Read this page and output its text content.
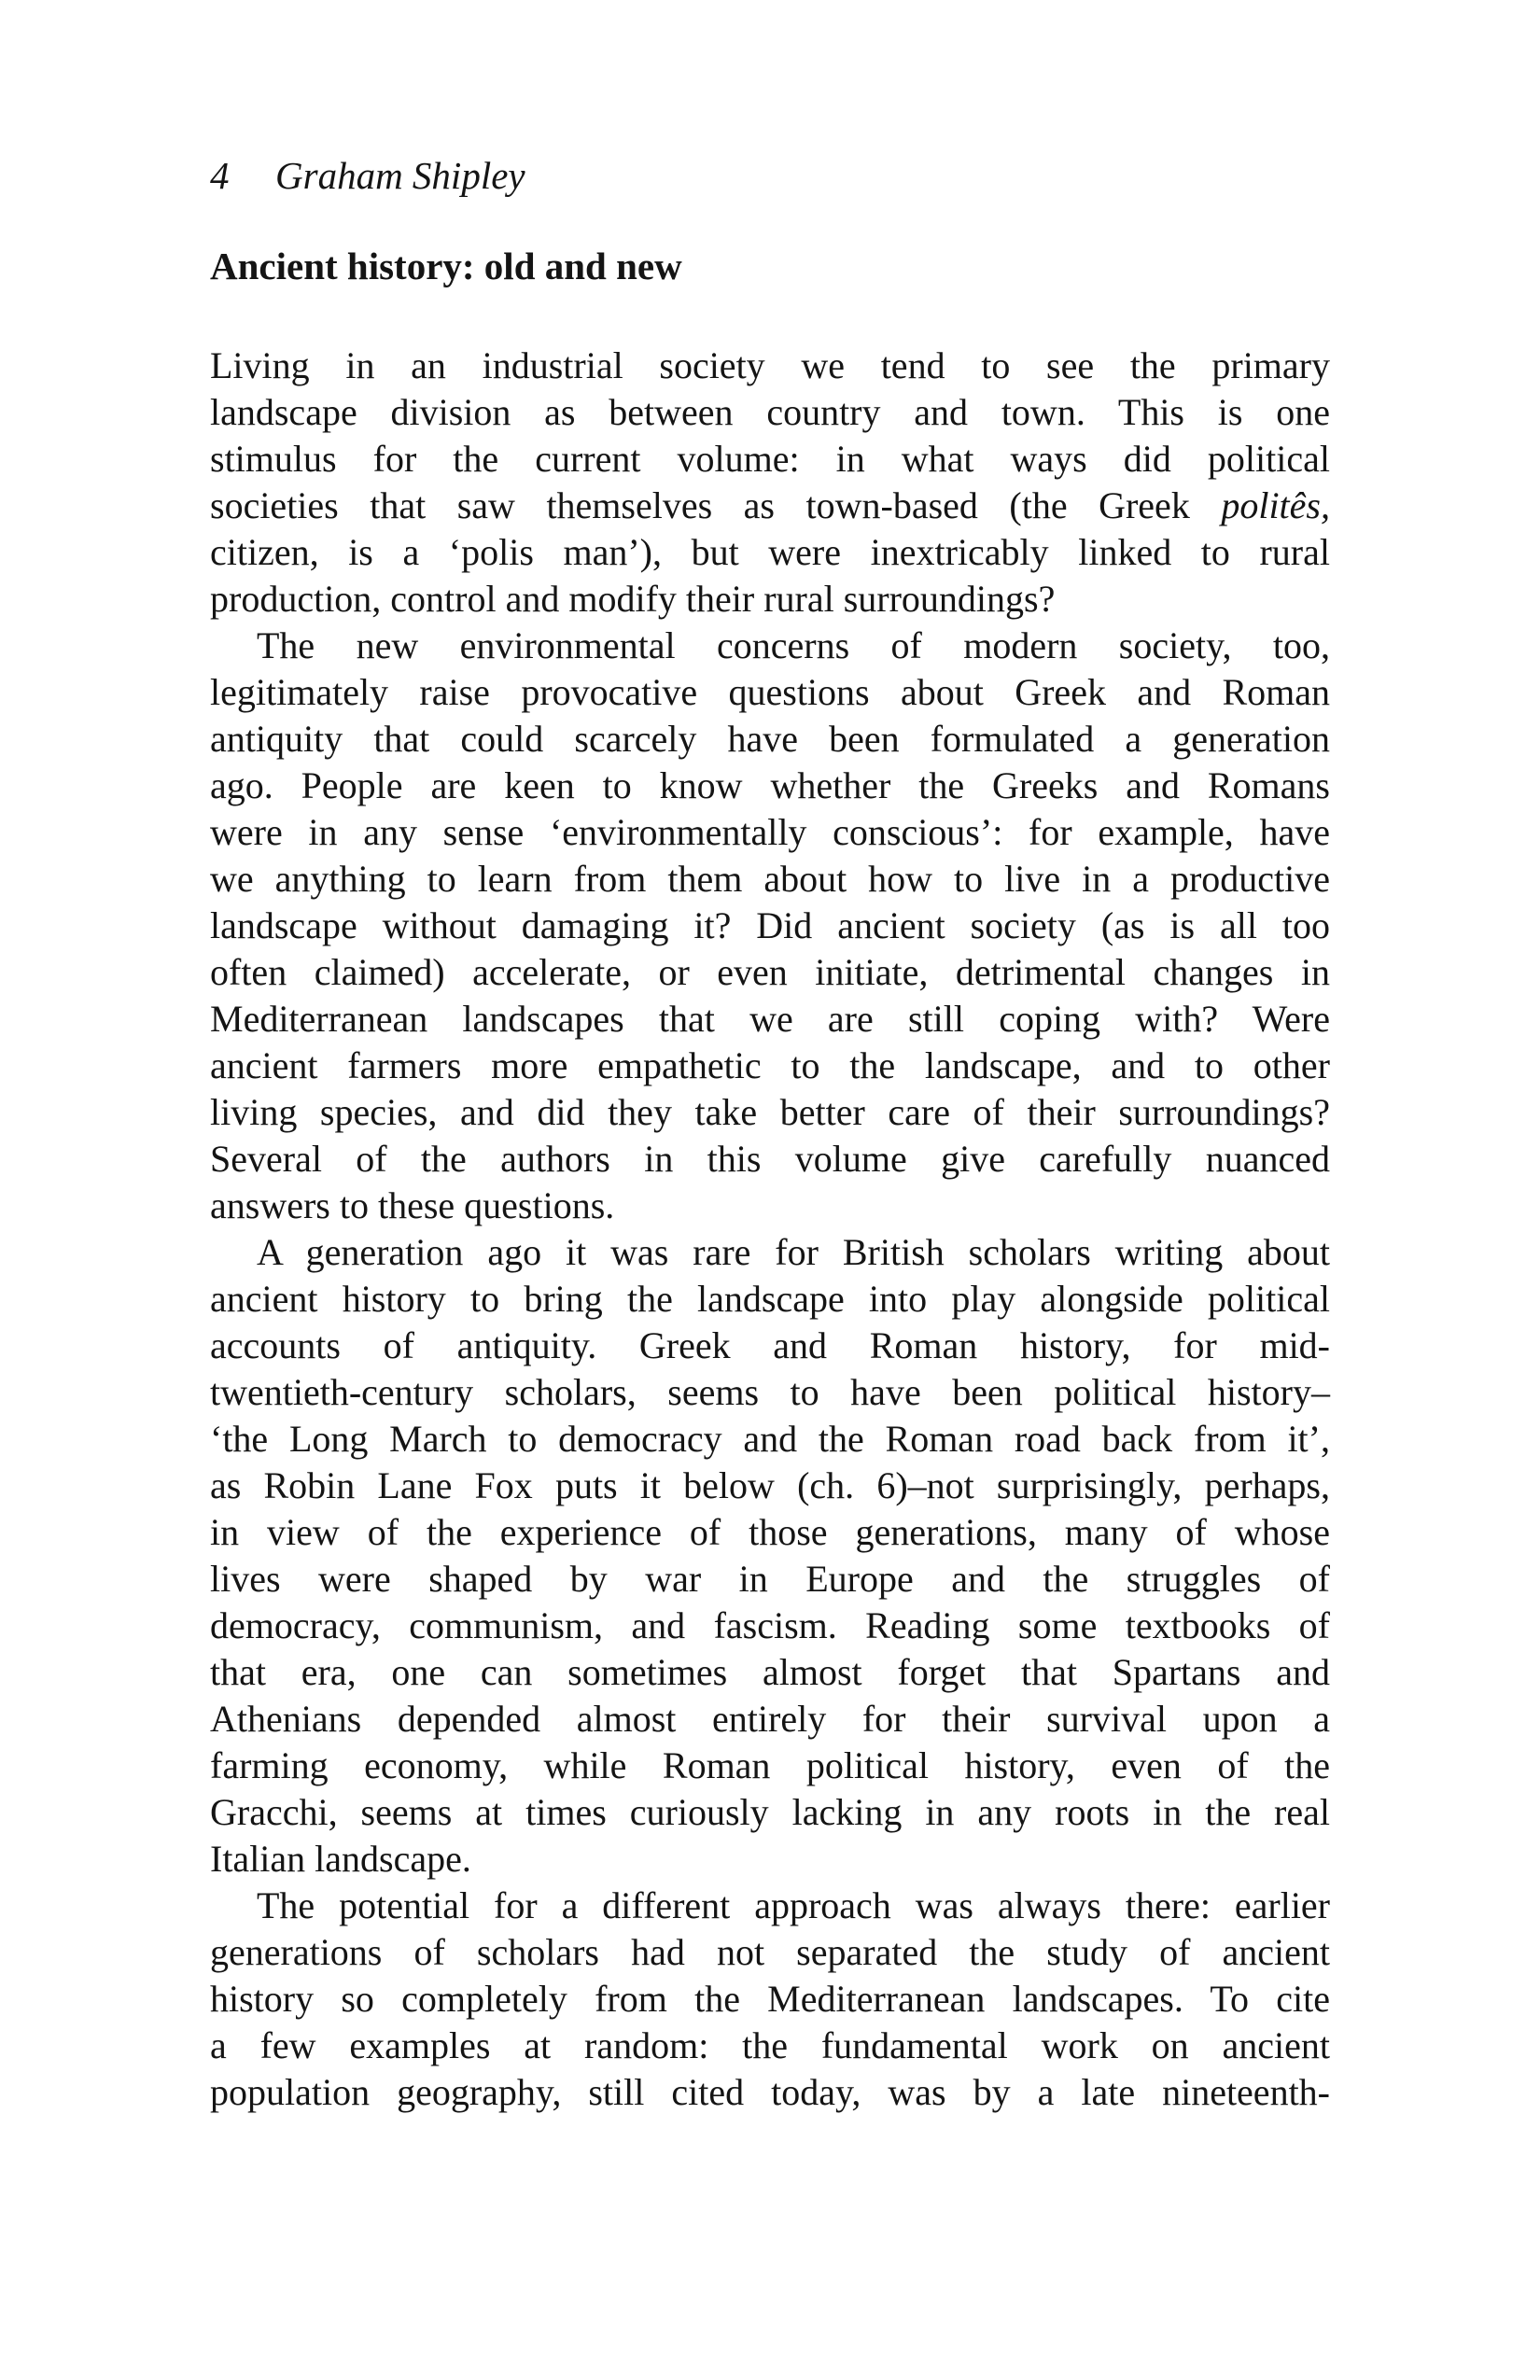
4 Graham Shipley
Ancient history: old and new
Living in an industrial society we tend to see the primary
landscape division as between country and town. This is one
stimulus for the current volume: in what ways did political
societies that saw themselves as town-based (the Greek politês,
citizen, is a ‘polis man’), but were inextricably linked to rural
production, control and modify their rural surroundings?
The new environmental concerns of modern society, too,
legitimately raise provocative questions about Greek and Roman
antiquity that could scarcely have been formulated a generation
ago. People are keen to know whether the Greeks and Romans
were in any sense ‘environmentally conscious’: for example, have
we anything to learn from them about how to live in a productive
landscape without damaging it? Did ancient society (as is all too
often claimed) accelerate, or even initiate, detrimental changes in
Mediterranean landscapes that we are still coping with? Were
ancient farmers more empathetic to the landscape, and to other
living species, and did they take better care of their surroundings?
Several of the authors in this volume give carefully nuanced
answers to these questions.
A generation ago it was rare for British scholars writing about
ancient history to bring the landscape into play alongside political
accounts of antiquity. Greek and Roman history, for mid-
twentieth-century scholars, seems to have been political history–
‘the Long March to democracy and the Roman road back from it’,
as Robin Lane Fox puts it below (ch. 6)–not surprisingly, perhaps,
in view of the experience of those generations, many of whose
lives were shaped by war in Europe and the struggles of
democracy, communism, and fascism. Reading some textbooks of
that era, one can sometimes almost forget that Spartans and
Athenians depended almost entirely for their survival upon a
farming economy, while Roman political history, even of the
Gracchi, seems at times curiously lacking in any roots in the real
Italian landscape.
The potential for a different approach was always there: earlier
generations of scholars had not separated the study of ancient
history so completely from the Mediterranean landscapes. To cite
a few examples at random: the fundamental work on ancient
population geography, still cited today, was by a late nineteenth-
